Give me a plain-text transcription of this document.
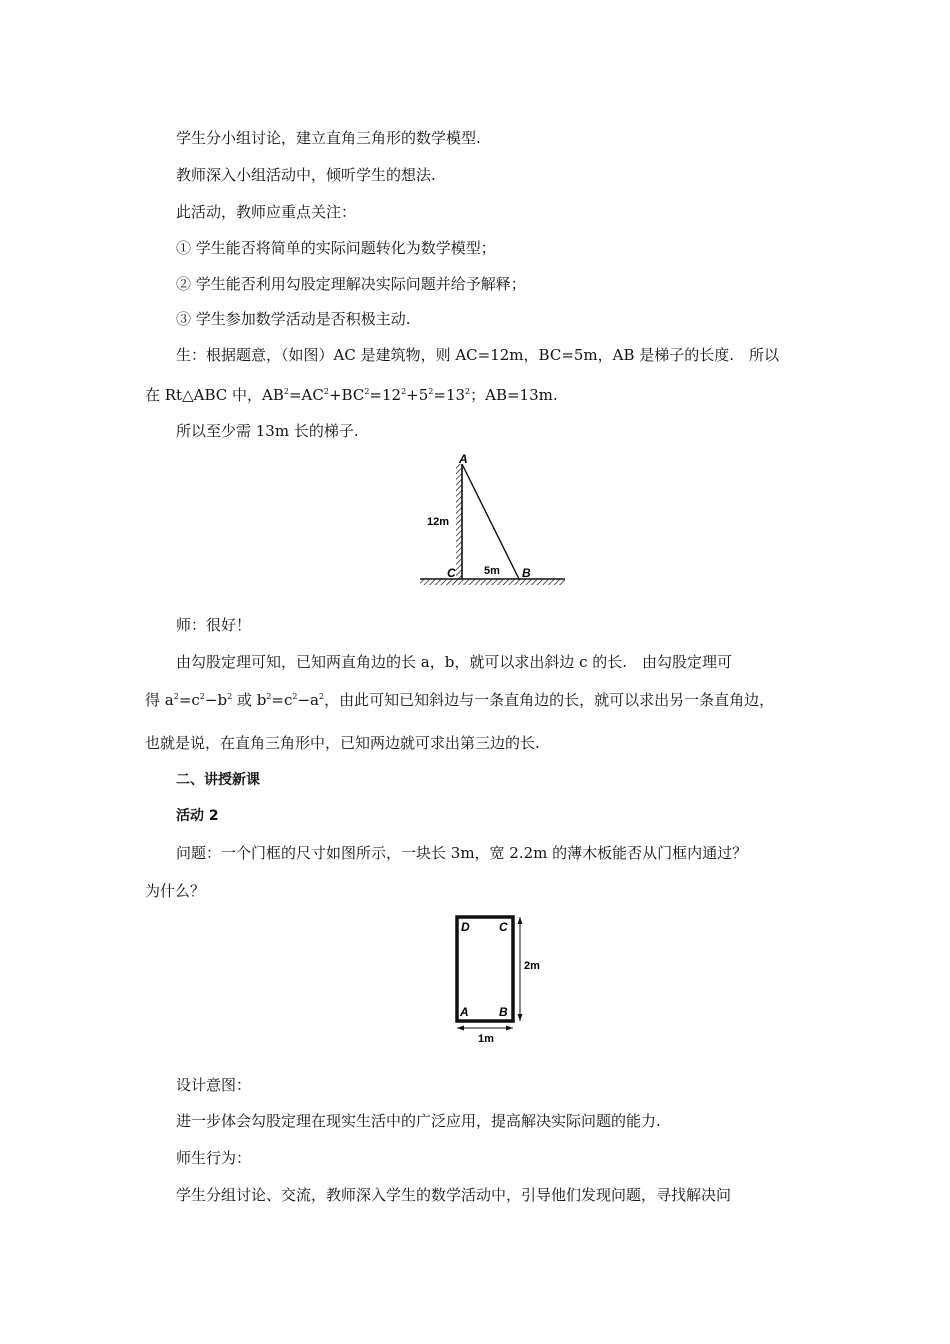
学生分小组讨论，建立直角三角形的数学模型.
教师深入小组活动中，倾听学生的想法.
此活动，教师应重点关注：
① 学生能否将简单的实际问题转化为数学模型；
② 学生能否利用勾股定理解决实际问题并给予解释；
③ 学生参加数学活动是否积极主动.
生：根据题意，（如图）AC 是建筑物，则 AC=12m，BC=5m，AB 是梯子的长度.　所以
在 Rt△ABC 中，$AB^2=AC^2+BC^2=12^2+5^2=13^2$；AB=13m.
所以至少需 13m 长的梯子.
A
C	B
12m
5m
师：很好！
由勾股定理可知，已知两直角边的长 a，b，就可以求出斜边 c 的长.　由勾股定理可
得 $a^2=c^2-b^2$ 或 $b^2=c^2-a^2$，由此可知已知斜边与一条直角边的长，就可以求出另一条直角边，
也就是说，在直角三角形中，已知两边就可求出第三边的长.
二、讲授新课
活动 2
问题：一个门框的尺寸如图所示，一块长 3m，宽 2.2m 的薄木板能否从门框内通过？
为什么？
D C
A	B
2m
1m
设计意图：
进一步体会勾股定理在现实生活中的广泛应用，提高解决实际问题的能力.
师生行为：
学生分组讨论、交流，教师深入学生的数学活动中，引导他们发现问题，寻找解决问
